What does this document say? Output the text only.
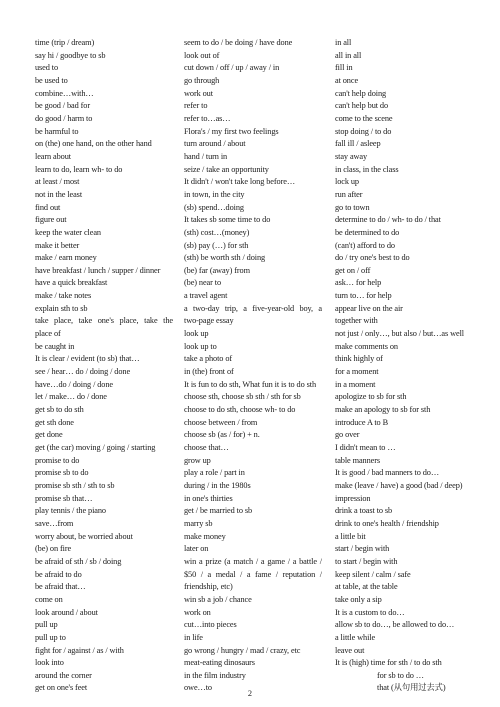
time (trip / dream)
say hi / goodbye to sb
used to
be used to
combine…with…
be good / bad for
do good / harm to
be harmful to
on (the) one hand, on the other hand
learn about
learn to do, learn wh- to do
at least / most
not in the least
find out
figure out
keep the water clean
make it better
make / earn money
have breakfast / lunch / supper / dinner
have a quick breakfast
make / take notes
explain sth to sb
take place, take one's place, take the
place of
be caught in
It is clear / evident (to sb) that…
see / hear… do / doing / done
have…do / doing / done
let / make… do / done
get sb to do sth
get sth done
get done
get (the car) moving / going / starting
promise to do
promise sb to do
promise sb sth / sth to sb
promise sb that…
play tennis / the piano
save…from
worry about, be worried about
(be) on fire
be afraid of sth / sb / doing
be afraid to do
be afraid that…
come on
look around / about
pull up
pull up to
fight for / against / as / with
look into
around the corner
get on one's feet
seem to do / be doing / have done
look out of
cut down / off / up / away / in
go through
work out
refer to
refer to…as…
Flora's / my first two feelings
turn around / about
hand / turn in
seize / take an opportunity
It didn't / won't take long before…
in town, in the city
(sb) spend…doing
It takes sb some time to do
(sth) cost…(money)
(sb) pay (…) for sth
(sth) be worth sth / doing
(be) far (away) from
(be) near to
a travel agent
a two-day trip, a five-year-old boy, a
two-page essay
look up
look up to
take a photo of
in (the) front of
It is fun to do sth, What fun it is to do sth
choose sth, choose sb sth / sth for sb
choose to do sth, choose wh- to do
choose between / from
choose sb (as / for) + n.
choose that…
grow up
play a role / part in
during / in the 1980s
in one's thirties
get / be married to sb
marry sb
make money
later on
win a prize (a match / a game / a battle /
$50 / a medal / a fame / reputation /
friendship, etc)
win sb a job / chance
work on
cut…into pieces
in life
go wrong / hungry / mad / crazy, etc
meat-eating dinosaurs
in the film industry
owe…to
in all
all in all
fill in
at once
can't help doing
can't help but do
come to the scene
stop doing / to do
fall ill / asleep
stay away
in class, in the class
lock up
run after
go to town
determine to do / wh- to do / that
be determined to do
(can't) afford to do
do / try one's best to do
get on / off
ask… for help
turn to… for help
appear live on the air
together with
not just / only…, but also / but…as well
make comments on
think highly of
for a moment
in a moment
apologize to sb for sth
make an apology to sb for sth
introduce A to B
go over
I didn't mean to …
table manners
It is good / bad manners to do…
make (leave / have) a good (bad / deep)
impression
drink a toast to sb
drink to one's health / friendship
a little bit
start / begin with
to start / begin with
keep silent / calm / safe
at table, at the table
take only a sip
It is a custom to do…
allow sb to do…, be allowed to do…
a little while
leave out
It is (high) time for sth / to do sth
for sb to do …
that (从句用过去式)
2
